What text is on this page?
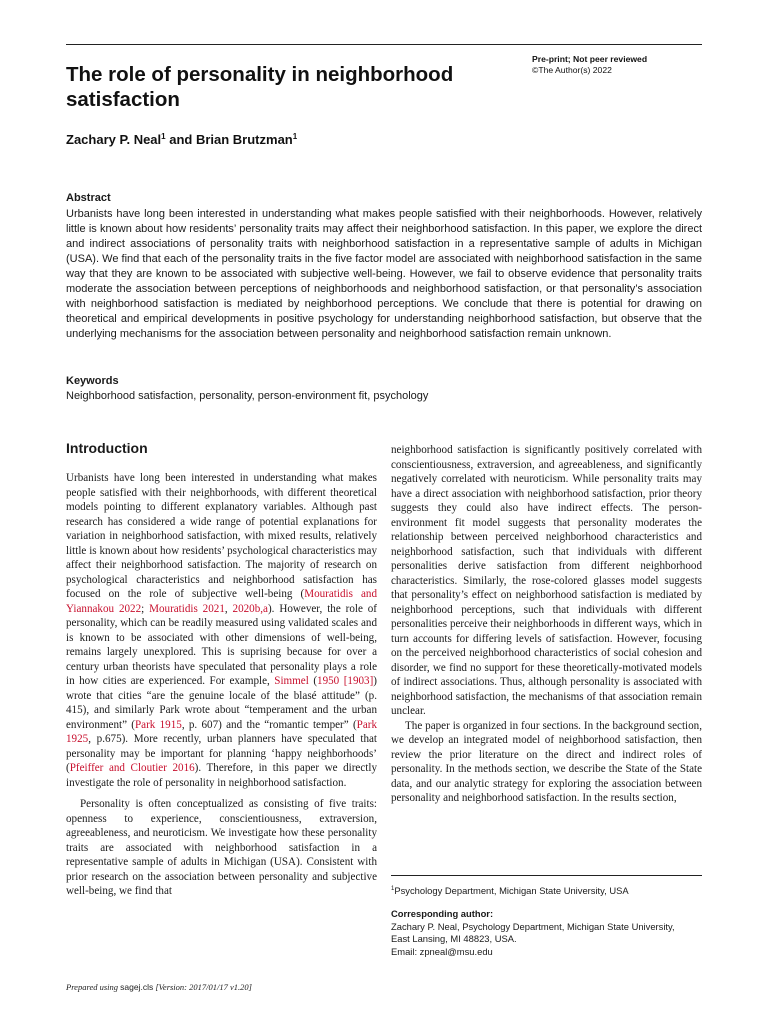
The role of personality in neighborhood satisfaction
Pre-print; Not peer reviewed
©The Author(s) 2022

Zachary P. Neal$^1$ and Brian Brutzman$^1$

Abstract

Urbanists have long been interested in understanding what makes people satisfied with their neighborhoods. However, relatively little is known about how residents’ personality traits may affect their neighborhood satisfaction. In this paper, we explore the direct and indirect associations of personality traits with neighborhood satisfaction in a representative sample of adults in Michigan (USA). We find that each of the personality traits in the five factor model are associated with neighborhood satisfaction in the same way that they are known to be associated with subjective well-being. However, we fail to observe evidence that personality traits moderate the association between perceptions of neighborhoods and neighborhood satisfaction, or that personality’s association with neighborhood satisfaction is mediated by neighborhood perceptions. We conclude that there is potential for drawing on theoretical and empirical developments in positive psychology for understanding neighborhood satisfaction, but observe that the underlying mechanisms for the association between personality and neighborhood satisfaction remain unknown.

Keywords

Neighborhood satisfaction, personality, person-environment fit, psychology

Introduction

Urbanists have long been interested in understanding what makes people satisfied with their neighborhoods, with different theoretical models pointing to different explanatory variables. Although past research has considered a wide range of potential explanations for variation in neighborhood satisfaction, with mixed results, relatively little is known about how residents’ psychological characteristics may affect their neighborhood satisfaction. The majority of research on psychological characteristics and neighborhood satisfaction has focused on the role of subjective well-being (Mouratidis and Yiannakou 2022; Mouratidis 2021, 2020b,a). However, the role of personality, which can be readily measured using validated scales and is known to be associated with other dimensions of well-being, remains largely unexplored. This is suprising because for over a century urban theorists have speculated that personality plays a role in how cities are experienced. For example, Simmel (1950 [1903]) wrote that cities “are the genuine locale of the blasé attitude” (p. 415), and similarly Park wrote about “temperament and the urban environment” (Park 1915, p. 607) and the “romantic temper” (Park 1925, p.675). More recently, urban planners have speculated that personality may be important for planning ‘happy neighborhoods’ (Pfeiffer and Cloutier 2016). Therefore, in this paper we directly investigate the role of personality in neighborhood satisfaction.

Personality is often conceptualized as consisting of five traits: openness to experience, conscientiousness, extraversion, agreeableness, and neuroticism. We investigate how these personality traits are associated with neighborhood satisfaction in a representative sample of adults in Michigan (USA). Consistent with prior research on the association between personality and subjective well-being, we find that

neighborhood satisfaction is significantly positively correlated with conscientiousness, extraversion, and agreeableness, and significantly negatively correlated with neuroticism. While personality traits may have a direct association with neighborhood satisfaction, prior theory suggests they could also have indirect effects. The person-environment fit model suggests that personality moderates the relationship between perceived neighborhood characteristics and neighborhood satisfaction, such that individuals with different personalities derive satisfaction from different neighborhood characteristics. Similarly, the rose-colored glasses model suggests that personality’s effect on neighborhood satisfaction is mediated by neighborhood perceptions, such that individuals with different personalities perceive their neighborhoods in different ways, which in turn accounts for differing levels of satisfaction. However, focusing on the perceived neighborhood characteristics of social cohesion and disorder, we find no support for these theoretically-motivated models of indirect associations. Thus, although personality is associated with neighborhood satisfaction, the mechanisms of that association remain unclear.

The paper is organized in four sections. In the background section, we develop an integrated model of neighborhood satisfaction, then review the prior literature on the direct and indirect roles of personality. In the methods section, we describe the State of the State data, and our analytic strategy for exploring the association between personality and neighborhood satisfaction. In the results section,

$^1$Psychology Department, Michigan State University, USA

Corresponding author:
Zachary P. Neal, Psychology Department, Michigan State University,
East Lansing, MI 48823, USA.
Email: zpneal@msu.edu

Prepared using sagej.cls [Version: 2017/01/17 v1.20]
